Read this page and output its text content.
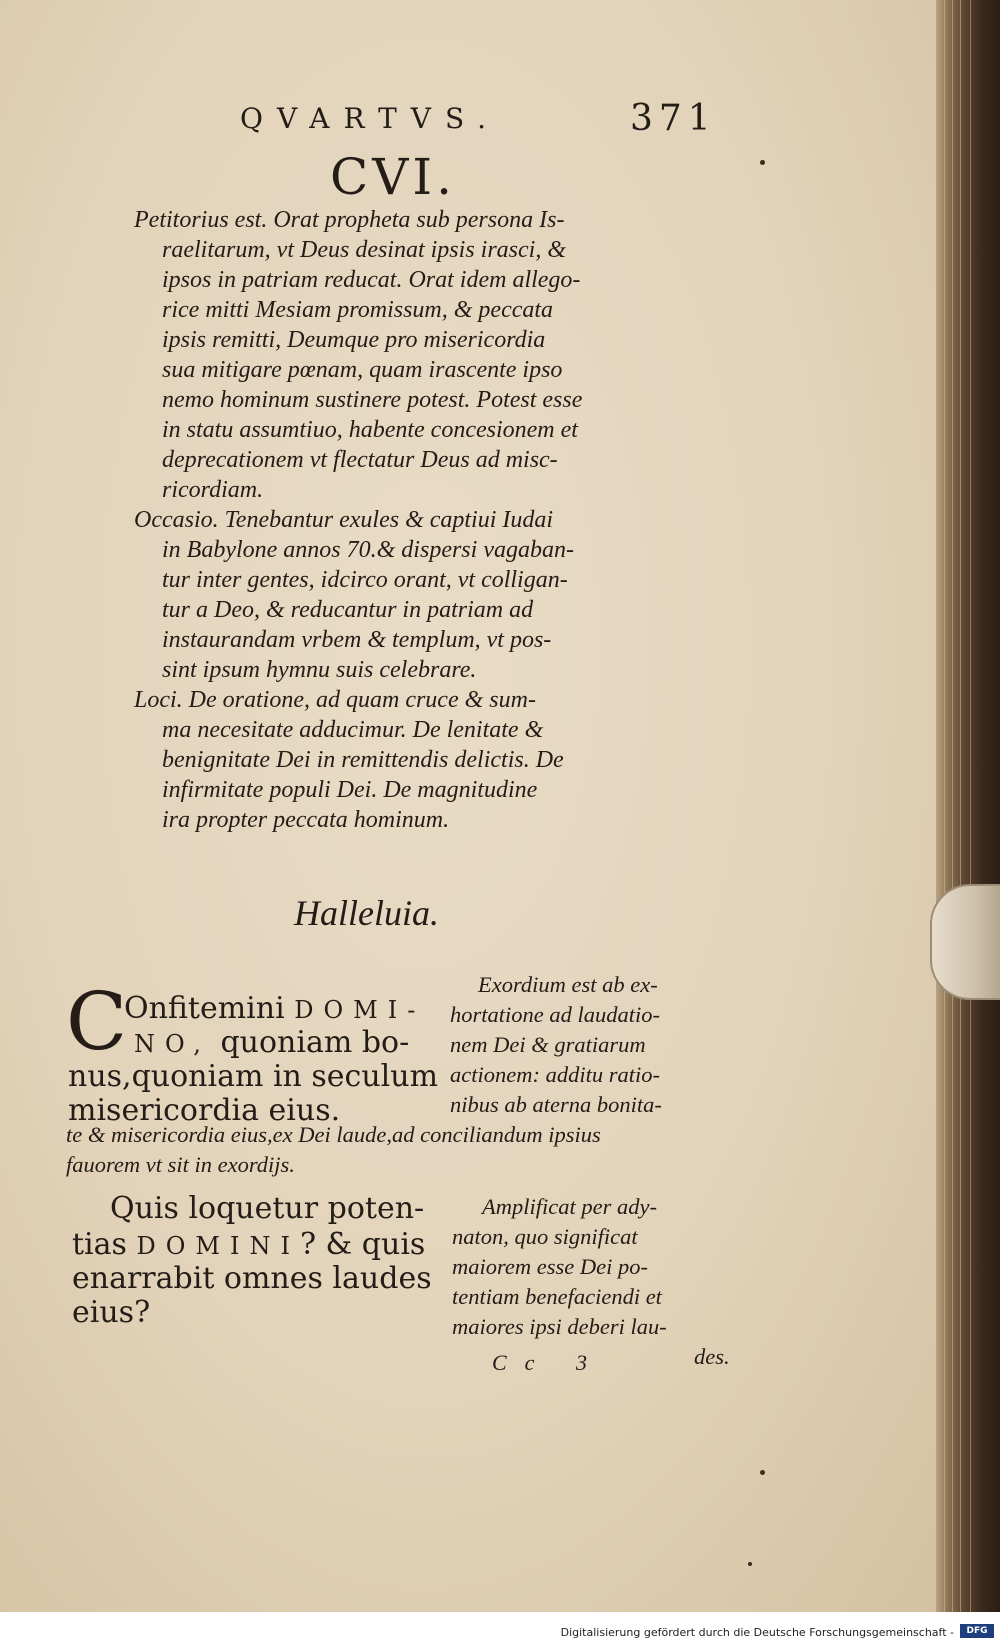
QVARTVS.	371
CVI.
Petitorius est. Orat propheta sub persona Is-
raelitarum, vt Deus desinat ipsis irasci, &
ipsos in patriam reducat. Orat idem allego-
rice mitti Mesiam promissum, & peccata
ipsis remitti, Deumque pro misericordia
sua mitigare pœnam, quam irascente ipso
nemo hominum sustinere potest. Potest esse
in statu assumtiuo, habente concesionem et
deprecationem vt flectatur Deus ad misc-
ricordiam.
Occasio. Tenebantur exules & captiui Iudai
in Babylone annos 70.& dispersi vagaban-
tur inter gentes, idcirco orant, vt colligan-
tur a Deo, & reducantur in patriam ad
instaurandam vrbem & templum, vt pos-
sint ipsum hymnu suis celebrare.
Loci. De oratione, ad quam cruce & sum-
ma necesitate adducimur. De lenitate &
benignitate Dei in remittendis delictis. De
infirmitate populi Dei. De magnitudine
ira propter peccata hominum.
Halleluia.
C
Onfitemini DOMI-
NO, quoniam bo-
nus,quoniam in seculum
misericordia eius.
Exordium est ab ex-
hortatione ad laudatio-
nem Dei & gratiarum
actionem: additu ratio-
nibus ab aterna bonita-
te & misericordia eius,ex Dei laude,ad conciliandum ipsius
fauorem vt sit in exordijs.
Quis loquetur poten-
tias DOMINI? & quis
enarrabit omnes laudes
eius?
Amplificat per ady-
naton, quo significat
maiorem esse Dei po-
tentiam benefaciendi et
maiores ipsi deberi lau-
Cc 3	des.
Digitalisierung gefördert durch die Deutsche Forschungsgemeinschaft -	DFG
